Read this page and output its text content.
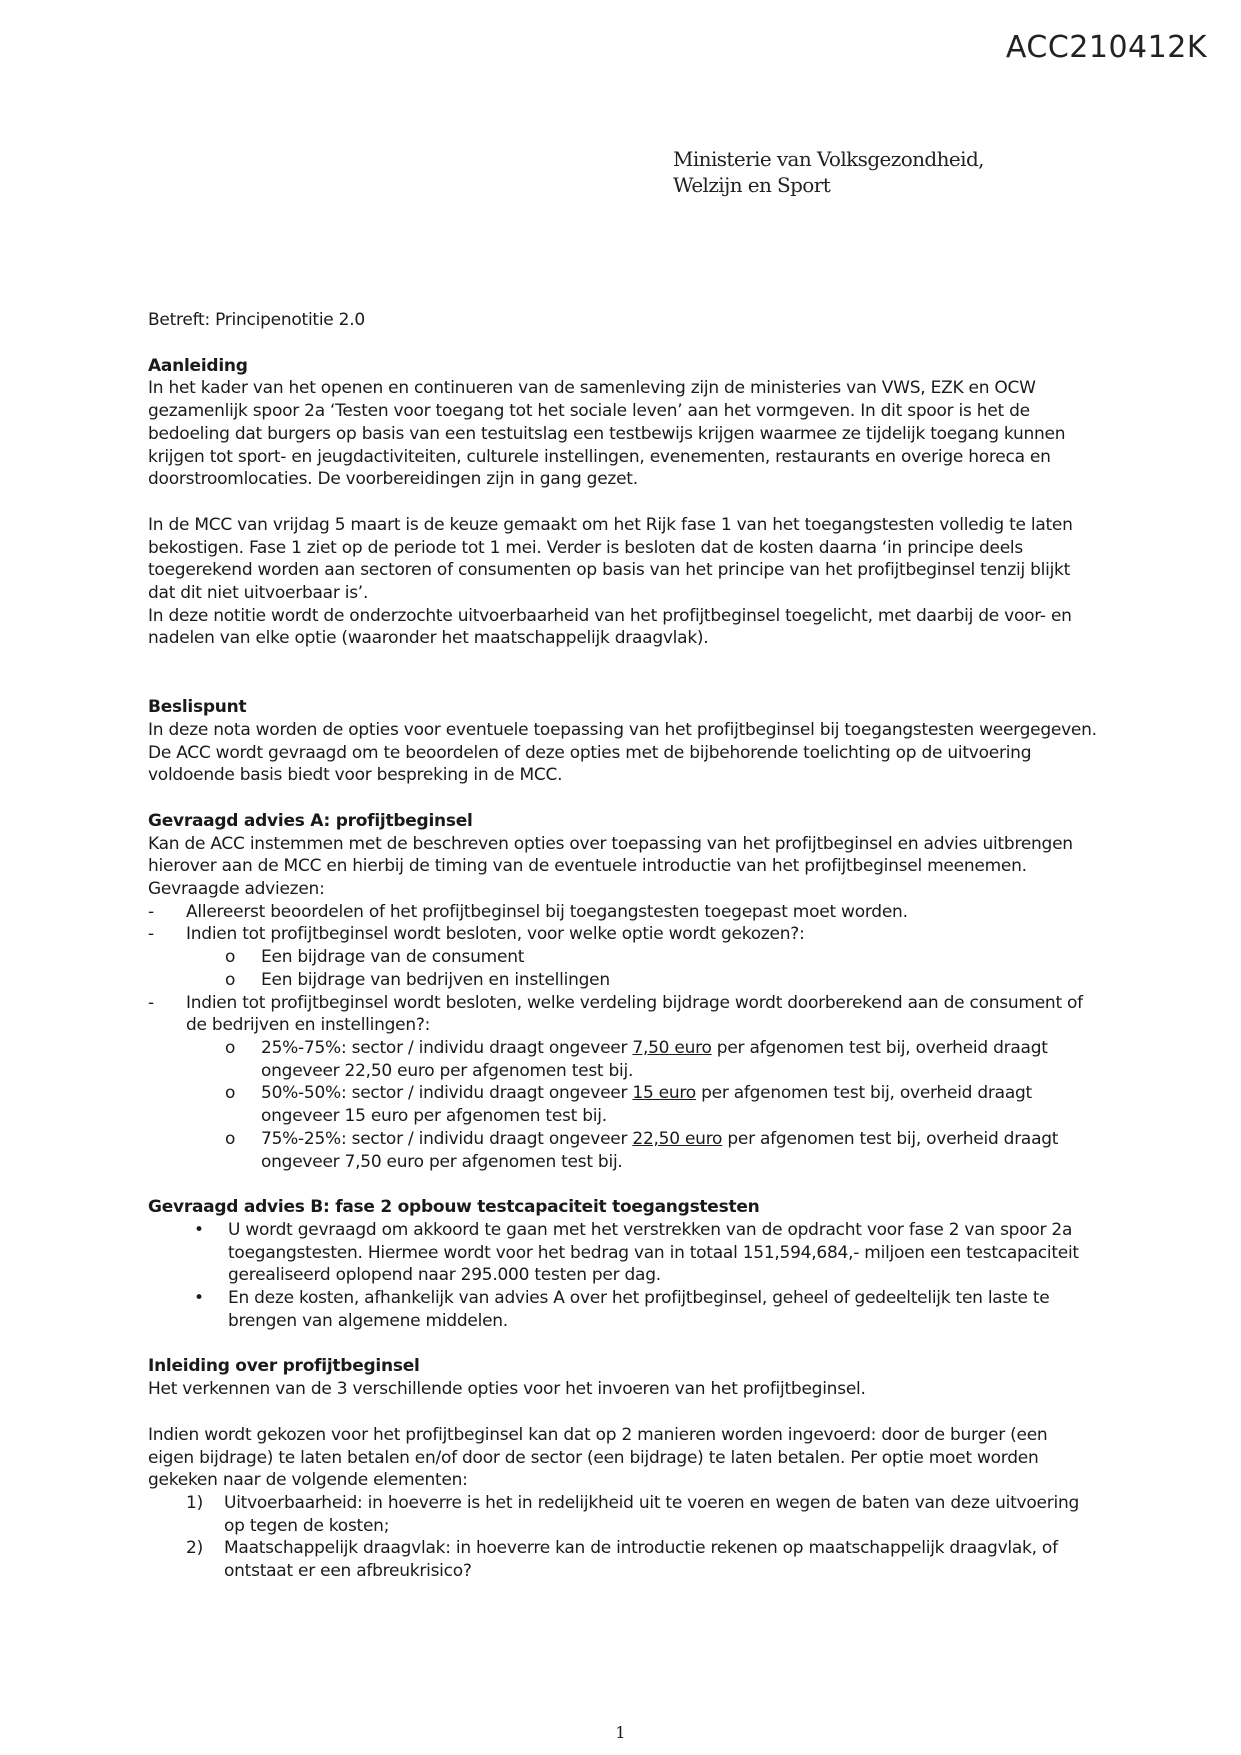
ACC210412K
Ministerie van Volksgezondheid,
Welzijn en Sport

Betreft: Principenotitie 2.0

Aanleiding

In het kader van het openen en continueren van de samenleving zijn de ministeries van VWS, EZK en OCW gezamenlijk spoor 2a ‘Testen voor toegang tot het sociale leven’ aan het vormgeven. In dit spoor is het de bedoeling dat burgers op basis van een testuitslag een testbewijs krijgen waarmee ze tijdelijk toegang kunnen krijgen tot sport- en jeugdactiviteiten, culturele instellingen, evenementen, restaurants en overige horeca en doorstroomlocaties. De voorbereidingen zijn in gang gezet.

In de MCC van vrijdag 5 maart is de keuze gemaakt om het Rijk fase 1 van het toegangstesten volledig te laten bekostigen. Fase 1 ziet op de periode tot 1 mei. Verder is besloten dat de kosten daarna ‘in principe deels toegerekend worden aan sectoren of consumenten op basis van het principe van het profijtbeginsel tenzij blijkt dat dit niet uitvoerbaar is’.

In deze notitie wordt de onderzochte uitvoerbaarheid van het profijtbeginsel toegelicht, met daarbij de voor- en nadelen van elke optie (waaronder het maatschappelijk draagvlak).

Beslispunt

In deze nota worden de opties voor eventuele toepassing van het profijtbeginsel bij toegangstesten weergegeven. De ACC wordt gevraagd om te beoordelen of deze opties met de bijbehorende toelichting op de uitvoering voldoende basis biedt voor bespreking in de MCC.

Gevraagd advies A: profijtbeginsel

Kan de ACC instemmen met de beschreven opties over toepassing van het profijtbeginsel en advies uitbrengen hierover aan de MCC en hierbij de timing van de eventuele introductie van het profijtbeginsel meenemen.

Gevraagde adviezen:

- Allereerst beoordelen of het profijtbeginsel bij toegangstesten toegepast moet worden.
- Indien tot profijtbeginsel wordt besloten, voor welke optie wordt gekozen?:
o Een bijdrage van de consument
o Een bijdrage van bedrijven en instellingen
- Indien tot profijtbeginsel wordt besloten, welke verdeling bijdrage wordt doorberekend aan de consument of de bedrijven en instellingen?:
o 25%-75%: sector / individu draagt ongeveer 7,50 euro per afgenomen test bij, overheid draagt ongeveer 22,50 euro per afgenomen test bij.
o 50%-50%: sector / individu draagt ongeveer 15 euro per afgenomen test bij, overheid draagt ongeveer 15 euro per afgenomen test bij.
o 75%-25%: sector / individu draagt ongeveer 22,50 euro per afgenomen test bij, overheid draagt ongeveer 7,50 euro per afgenomen test bij.

Gevraagd advies B: fase 2 opbouw testcapaciteit toegangstesten

• U wordt gevraagd om akkoord te gaan met het verstrekken van de opdracht voor fase 2 van spoor 2a toegangstesten. Hiermee wordt voor het bedrag van in totaal 151,594,684,- miljoen een testcapaciteit gerealiseerd oplopend naar 295.000 testen per dag.
• En deze kosten, afhankelijk van advies A over het profijtbeginsel, geheel of gedeeltelijk ten laste te brengen van algemene middelen.

Inleiding over profijtbeginsel

Het verkennen van de 3 verschillende opties voor het invoeren van het profijtbeginsel.

Indien wordt gekozen voor het profijtbeginsel kan dat op 2 manieren worden ingevoerd: door de burger (een eigen bijdrage) te laten betalen en/of door de sector (een bijdrage) te laten betalen. Per optie moet worden gekeken naar de volgende elementen:

1) Uitvoerbaarheid: in hoeverre is het in redelijkheid uit te voeren en wegen de baten van deze uitvoering op tegen de kosten;
2) Maatschappelijk draagvlak: in hoeverre kan de introductie rekenen op maatschappelijk draagvlak, of ontstaat er een afbreukrisico?
1
